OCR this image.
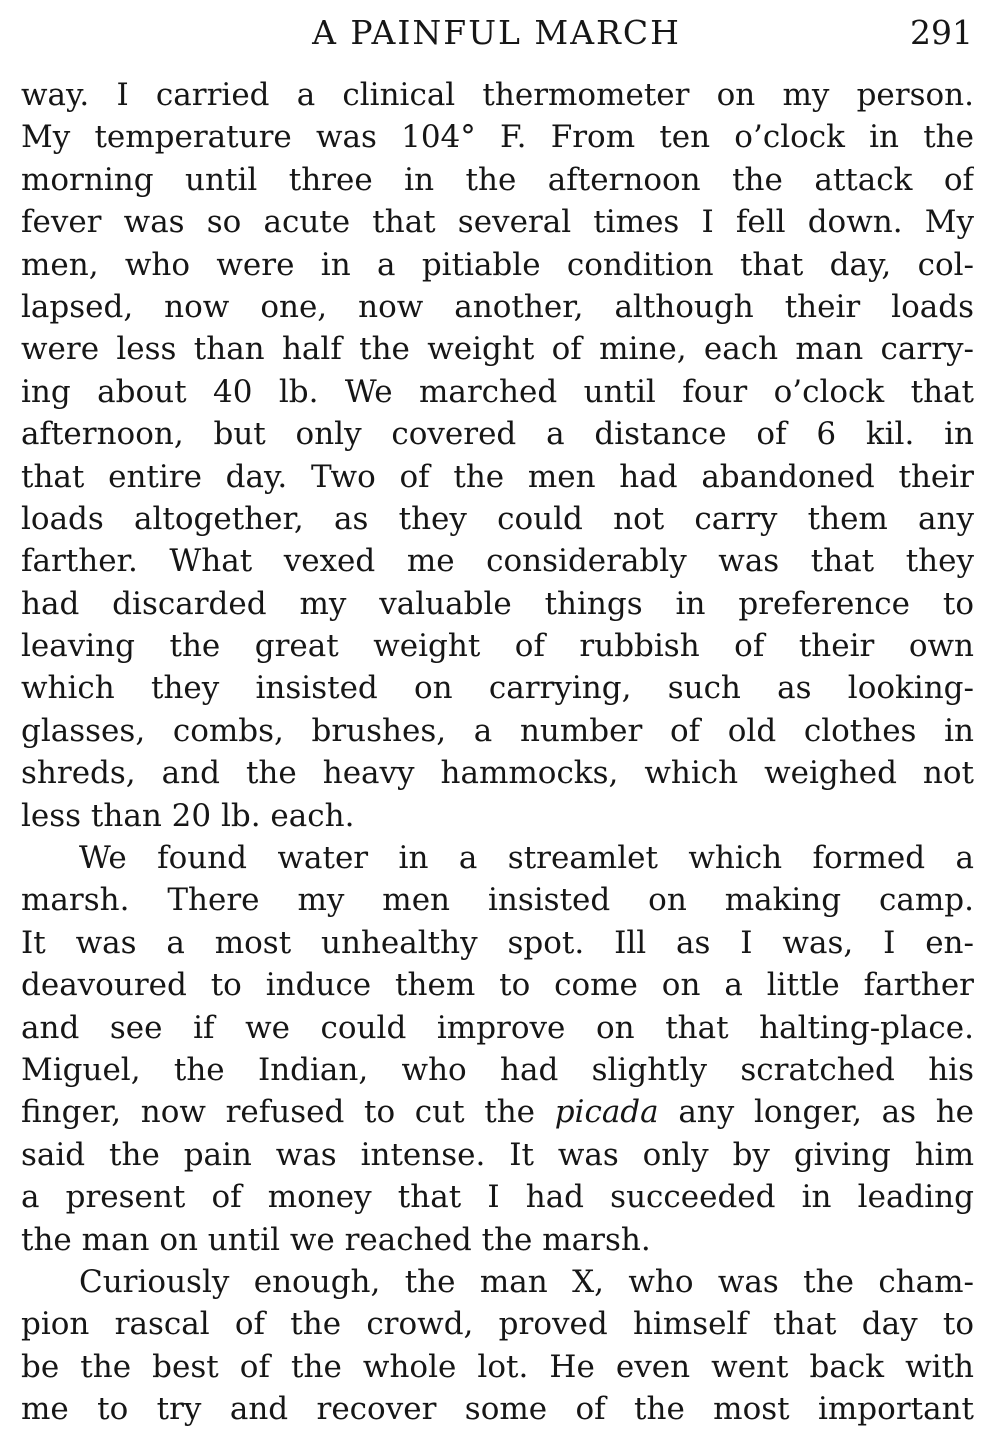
A PAINFUL MARCH	291
way. I carried a clinical thermometer on my person.
My temperature was 104° F. From ten o’clock in the
morning until three in the afternoon the attack of
fever was so acute that several times I fell down. My
men, who were in a pitiable condition that day, col-
lapsed, now one, now another, although their loads
were less than half the weight of mine, each man carry-
ing about 40 lb. We marched until four o’clock that
afternoon, but only covered a distance of 6 kil. in
that entire day. Two of the men had abandoned their
loads altogether, as they could not carry them any
farther. What vexed me considerably was that they
had discarded my valuable things in preference to
leaving the great weight of rubbish of their own
which they insisted on carrying, such as looking-
glasses, combs, brushes, a number of old clothes in
shreds, and the heavy hammocks, which weighed not
less than 20 lb. each.
We found water in a streamlet which formed a
marsh. There my men insisted on making camp.
It was a most unhealthy spot. Ill as I was, I en-
deavoured to induce them to come on a little farther
and see if we could improve on that halting-place.
Miguel, the Indian, who had slightly scratched his
finger, now refused to cut the picada any longer, as he
said the pain was intense. It was only by giving him
a present of money that I had succeeded in leading
the man on until we reached the marsh.
Curiously enough, the man X, who was the cham-
pion rascal of the crowd, proved himself that day to
be the best of the whole lot. He even went back with
me to try and recover some of the most important
